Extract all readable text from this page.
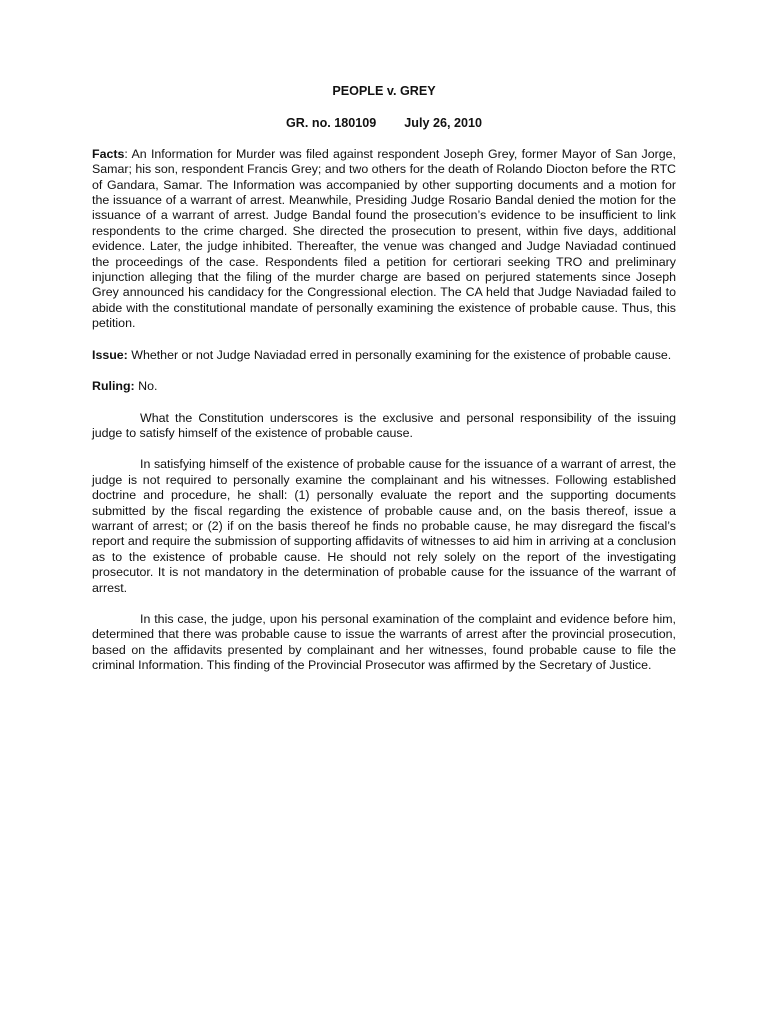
PEOPLE v. GREY
GR. no. 180109 July 26, 2010

Facts: An Information for Murder was filed against respondent Joseph Grey, former Mayor of San Jorge, Samar; his son, respondent Francis Grey; and two others for the death of Rolando Diocton before the RTC of Gandara, Samar. The Information was accompanied by other supporting documents and a motion for the issuance of a warrant of arrest. Meanwhile, Presiding Judge Rosario Bandal denied the motion for the issuance of a warrant of arrest. Judge Bandal found the prosecution’s evidence to be insufficient to link respondents to the crime charged. She directed the prosecution to present, within five days, additional evidence. Later, the judge inhibited. Thereafter, the venue was changed and Judge Naviadad continued the proceedings of the case. Respondents filed a petition for certiorari seeking TRO and preliminary injunction alleging that the filing of the murder charge are based on perjured statements since Joseph Grey announced his candidacy for the Congressional election. The CA held that Judge Naviadad failed to abide with the constitutional mandate of personally examining the existence of probable cause. Thus, this petition.

Issue: Whether or not Judge Naviadad erred in personally examining for the existence of probable cause.

Ruling: No.

What the Constitution underscores is the exclusive and personal responsibility of the issuing judge to satisfy himself of the existence of probable cause.

In satisfying himself of the existence of probable cause for the issuance of a warrant of arrest, the judge is not required to personally examine the complainant and his witnesses. Following established doctrine and procedure, he shall: (1) personally evaluate the report and the supporting documents submitted by the fiscal regarding the existence of probable cause and, on the basis thereof, issue a warrant of arrest; or (2) if on the basis thereof he finds no probable cause, he may disregard the fiscal’s report and require the submission of supporting affidavits of witnesses to aid him in arriving at a conclusion as to the existence of probable cause. He should not rely solely on the report of the investigating prosecutor. It is not mandatory in the determination of probable cause for the issuance of the warrant of arrest.

In this case, the judge, upon his personal examination of the complaint and evidence before him, determined that there was probable cause to issue the warrants of arrest after the provincial prosecution, based on the affidavits presented by complainant and her witnesses, found probable cause to file the criminal Information. This finding of the Provincial Prosecutor was affirmed by the Secretary of Justice.
